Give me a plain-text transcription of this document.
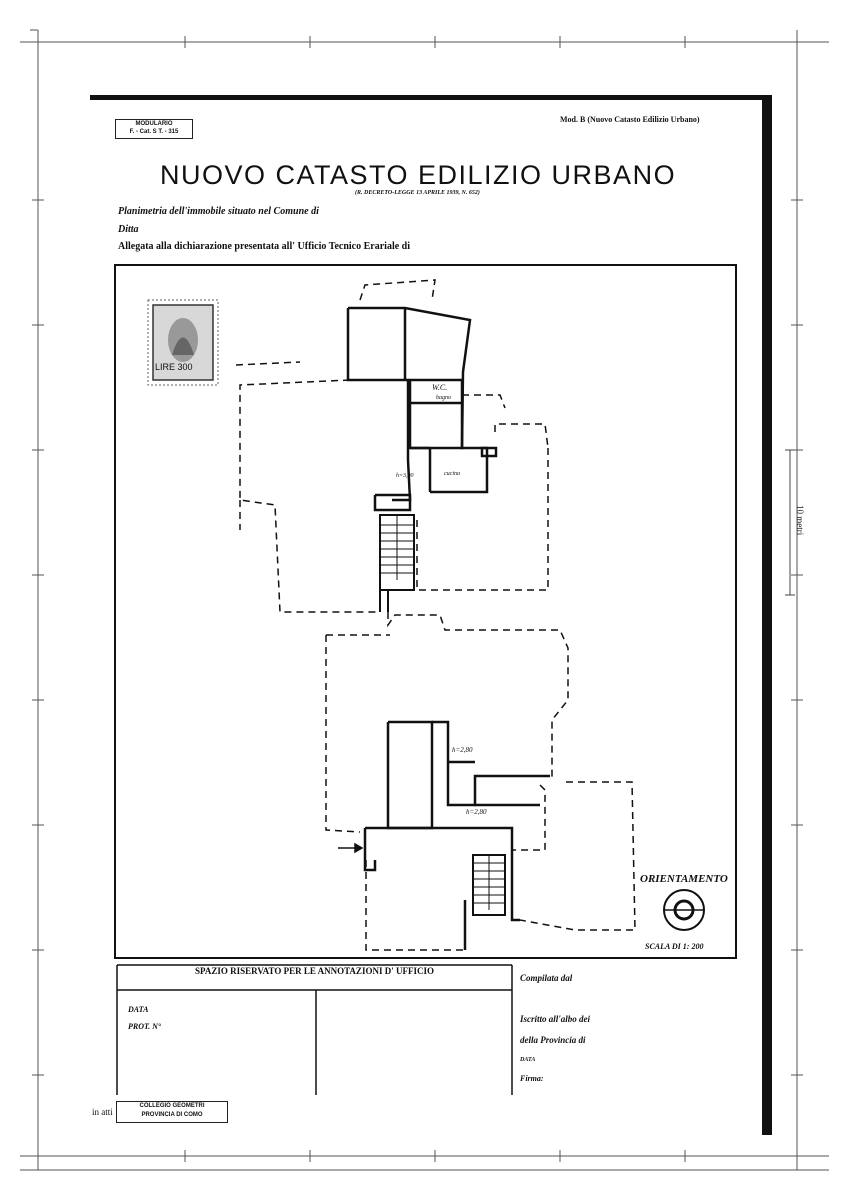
MODULARIO
F. - Cat. S T. - 315
Mod. B (Nuovo Catasto Edilizio Urbano)
NUOVO CATASTO EDILIZIO URBANO
(R. DECRETO-LEGGE 13 APRILE 1939, N. 652)
Planimetria dell'immobile situato nel Comune di
Ditta
Allegata alla dichiarazione presentata all' Ufficio Tecnico Erariale di
LIRE 300
W.C.
bagno
cucina
h=3,00
h=2,80
h=2,80
ORIENTAMENTO
SCALA DI 1: 200
SPAZIO RISERVATO PER LE ANNOTAZIONI D' UFFICIO
DATA
PROT. N°
Compilata dal
Iscritto all'albo dei
della Provincia di
DATA
Firma:
in atti
COLLEGIO GEOMETRI
PROVINCIA DI COMO
10 metri
